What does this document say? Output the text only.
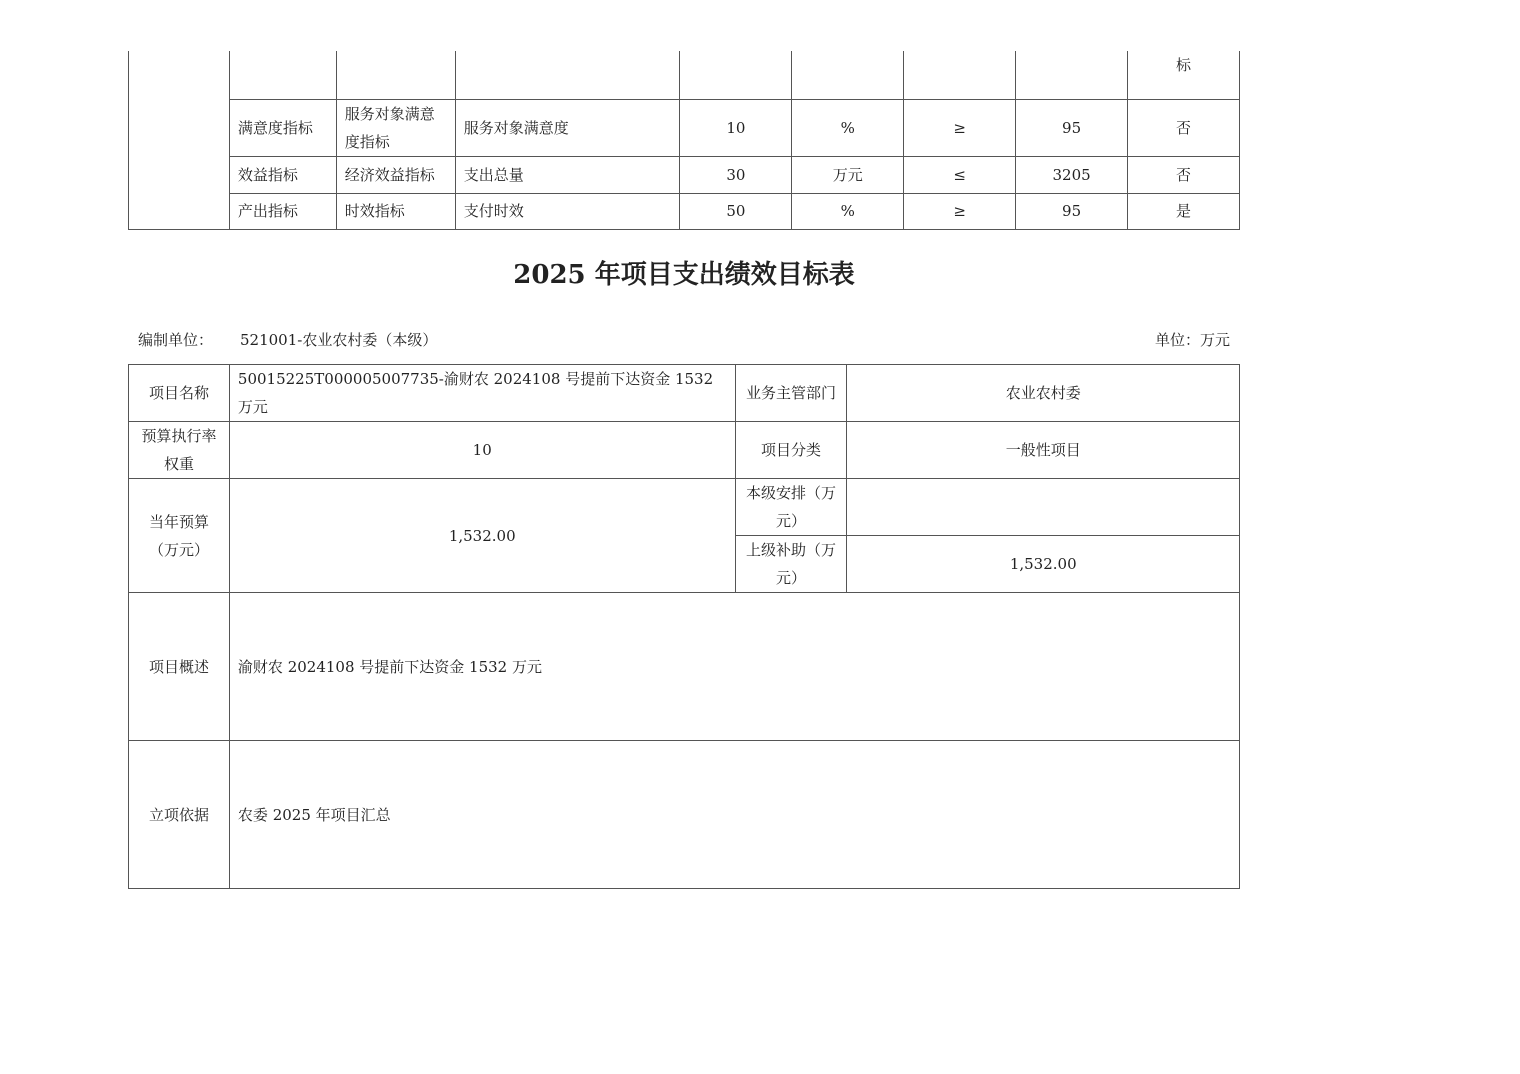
								标
	满意度指标	服务对象满意度指标	服务对象满意度	10	%	≥	95	否
	效益指标	经济效益指标	支出总量	30	万元	≤	3205	否
	产出指标	时效指标	支付时效	50	%	≥	95	是
2025 年项目支出绩效目标表
编制单位： 521001-农业农村委（本级）	单位：万元
项目名称	50015225T000005007735-渝财农 2024108 号提前下达资金 1532 万元	业务主管部门	农业农村委
预算执行率权重	10	项目分类	一般性项目
当年预算（万元）	1,532.00	本级安排（万元）	
		上级补助（万元）	1,532.00
项目概述	渝财农 2024108 号提前下达资金 1532 万元		
立项依据	农委 2025 年项目汇总		
